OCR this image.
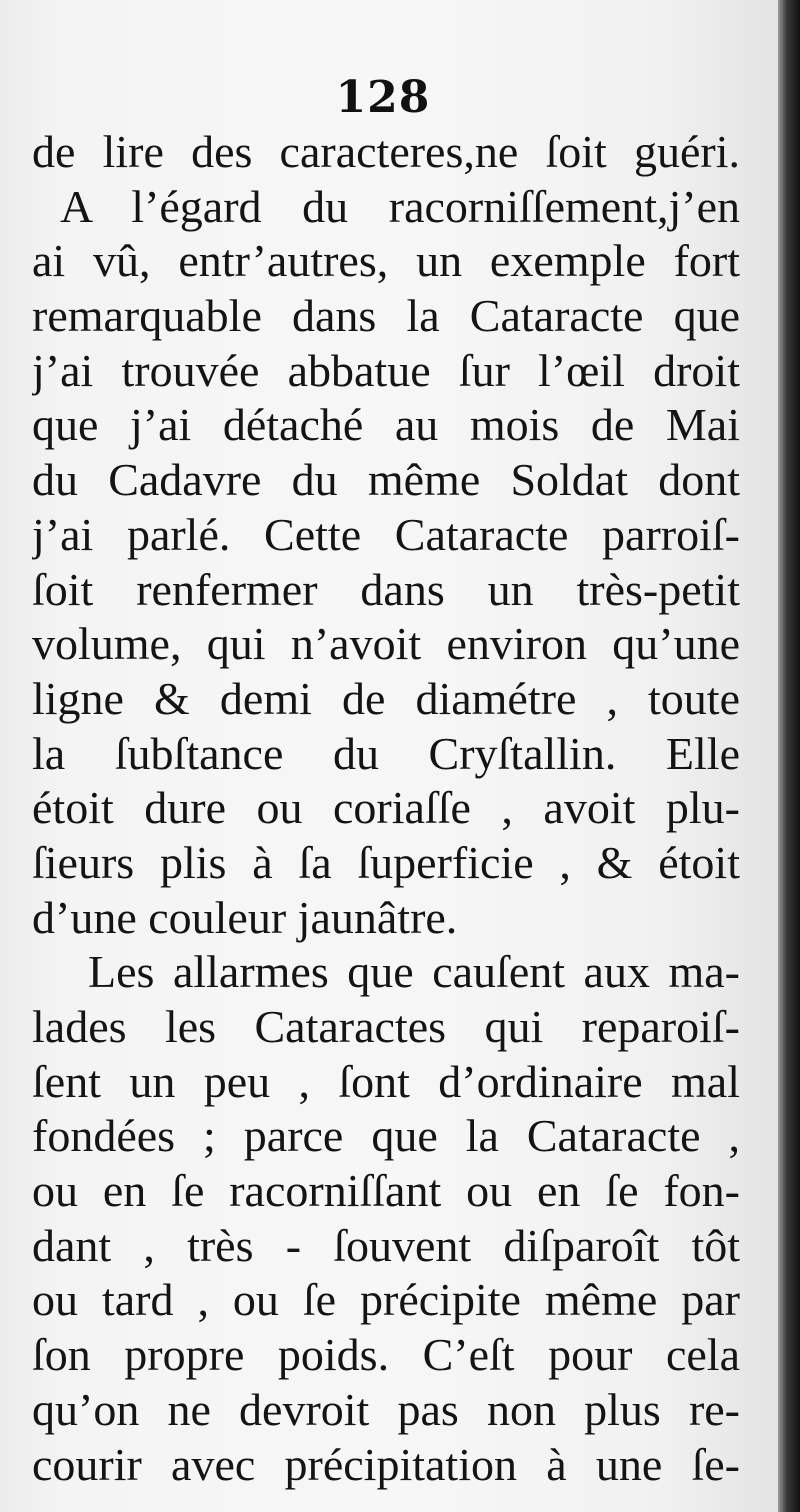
128
de lire des caracteres,ne ſoit guéri.
A l’égard du racorniſſement,j’en
ai vû, entr’autres, un exemple fort
remarquable dans la Cataracte que
j’ai trouvée abbatue ſur l’œil droit
que j’ai détaché au mois de Mai
du Cadavre du même Soldat dont
j’ai parlé. Cette Cataracte parroiſ-
ſoit renfermer dans un très-petit
volume, qui n’avoit environ qu’une
ligne & demi de diamétre , toute
la ſubſtance du Cryſtallin. Elle
étoit dure ou coriaſſe , avoit plu-
ſieurs plis à ſa ſuperficie , & étoit
d’une couleur jaunâtre.
Les allarmes que cauſent aux ma-
lades les Cataractes qui reparoiſ-
ſent un peu , ſont d’ordinaire mal
fondées ; parce que la Cataracte ,
ou en ſe racorniſſant ou en ſe fon-
dant , très - ſouvent diſparoît tôt
ou tard , ou ſe précipite même par
ſon propre poids. C’eſt pour cela
qu’on ne devroit pas non plus re-
courir avec précipitation à une ſe-
